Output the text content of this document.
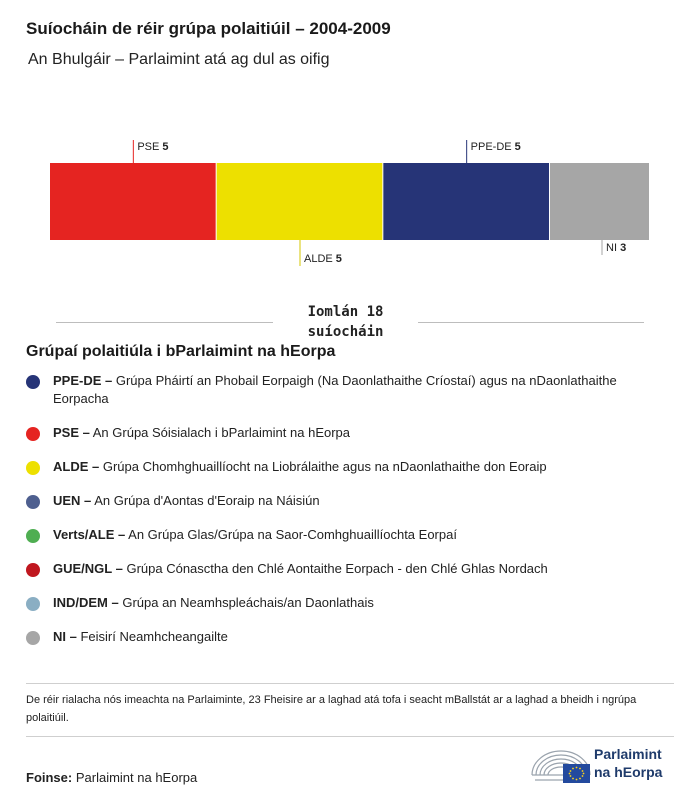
Suíocháin de réir grúpa polaitiúil – 2004-2009
An Bhulgáir – Parlaimint atá ag dul as oifig
PSE 5
ALDE 5
PPE-DE 5
NI 3
Iomlán 18
suíocháin
Grúpaí polaitiúla i bParlaimint na hEorpa
PPE-DE – Grúpa Pháirtí an Phobail Eorpaigh (Na Daonlathaithe Críostaí) agus na nDaonlathaithe Eorpacha
PSE – An Grúpa Sóisialach i bParlaimint na hEorpa
ALDE – Grúpa Chomhghuaillíocht na Liobrálaithe agus na nDaonlathaithe don Eoraip
UEN – An Grúpa d'Aontas d'Eoraip na Náisiún
Verts/ALE – An Grúpa Glas/Grúpa na Saor-Comhghuaillíochta Eorpaí
GUE/NGL – Grúpa Cónasctha den Chlé Aontaithe Eorpach - den Chlé Ghlas Nordach
IND/DEM – Grúpa an Neamhspleáchais/an Daonlathais
NI – Feisirí Neamhcheangailte
De réir rialacha nós imeachta na Parlaiminte, 23 Fheisire ar a laghad atá tofa i seacht mBallstát ar a laghad a bheidh i ngrúpa polaitiúil.
Foinse: Parlaimint na hEorpa
Parlaimint
na hEorpa
